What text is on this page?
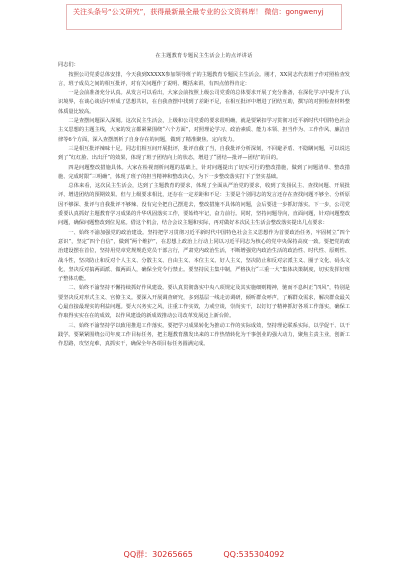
关注头条号“公文研究”，获得最新最全最专业的公文资料库！ 微信：gongwenyj
在主题教育专题民主生活会上的点评讲话
同志们：

按照公司党委总体安排，今天我到XXXXX参加领导班子的主题教育专题民主生活会。刚才，XX同志代表班子作对照检查发言，班子成员之间的相互批评，对有关问题作了说明、概括来讲，有四点值得肯定：

一是会前准备充分认真。从发言可以看出，大家会前按照上级公司党委的总体要求开展了充分准备，在深化学习中提升了认识境界，在谈心谈话中形成了思想共识，在自我查摆中找到了差距不足，在相互批评中增进了团结互助，撰写的对照检查材料整体质量比较高。

二是查摆问题深入深刻。这次民主生活会，上级和公司党委的要求很明确，就是要紧扣学习贯彻习近平新时代中国特色社会主义思想的主题主线，大家的发言都紧紧围绕“六个方面”，对照理论学习、政治素质、能力本领、担当作为、工作作风、廉洁自律等6个方面，深入查摆剖析了自身存在的问题，做到了精准聚焦、定向发力。

三是相互批评辣味十足。同志们相互间开展批评，批评直截了当，自我批评分析深刻，不回避矛盾、不隐瞒问题，可以说达到了“红红脸、出出汗”的效果，体现了班子团结向上的状态，增进了“团结—批评—团结”的目的。

四是问题整改措施具体。大家在检视剖析问题的基础上，针对问题提出了切实可行的整改措施，做到了问题清单、整改措施、完成时限“三明确”，体现了班子的担当精神和整改决心，为下一步整改落实打下了坚实基础。

总体来看，这次民主生活会，达到了主题教育的要求，体现了全面从严治党的要求，收到了发扬民主、查找问题、开展批评、增进团结的预期效果。但与上级要求相比，还存在一定差距和不足：主要是个别同志的发言还存在查找问题不够全、分析原因不够深、批评与自我批评不够辣、没有完全把自己摆进去，整改措施不具体的问题，会后要进一步抓好落实。下一步，公司党委要认真抓好主题教育学习成果的升华巩固落实工作，要始终牢记，奋力前行。同时，坚持问题导向，直面问题，针对问题整改问题，确保问题整改到位见底。借这个机会，结合会议主题和实际，再对做好本次民主生活会整改落实提出几点要求：

一、始终不渝加强党的政治建设。坚持把学习贯彻习近平新时代中国特色社会主义思想作为首要政治任务，牢固树立“四个意识”，坚定“四个自信”，做到“两个维护”，在思想上政治上行动上同以习近平同志为核心的党中央保持高度一致。要把党的政治建设摆在首位，坚持用党章党规规范党员干部言行，严肃党内政治生活，不断增强党内政治生活的政治性、时代性、原则性、战斗性，坚决防止和反对个人主义、分散主义、自由主义、本位主义、好人主义，坚决防止和反对宗派主义、圈子文化、码头文化，坚决反对搞两面派、做两面人，确保全党令行禁止。要坚持民主集中制，严格执行“三重一大”集体决策制度，切实发挥好班子整体功能。

二、始终不渝坚持不懈持续抓好作风建设。要认真贯彻落实中央八项规定及其实施细则精神，驰而不息纠正“四风”，特别是要坚决反对形式主义、官僚主义。要深入开展调查研究，多到基层一线走访调研，倾听群众呼声，了解群众需求，解决群众最关心最直接最现实的利益问题。要大兴务实之风，注重工作实效，力戒空谈，崇尚实干，以钉钉子精神抓好各项工作落实，确保工作取得实实在在的成效，以作风建设的新成效推动公司改革发展迈上新台阶。

三、始终不渝坚持学以致用推进工作落实。要把学习成果转化为推动工作的实际成效，坚持理论联系实际，以学促干、以干践学。要紧紧围绕公司年度工作目标任务，把主题教育激发出来的工作热情转化为干事创业的强大动力，聚焦主责主业，创新工作思路，攻坚克难，真抓实干，确保全年各项目标任务圆满完成。

QQ群：30265665	QQ:535304092
